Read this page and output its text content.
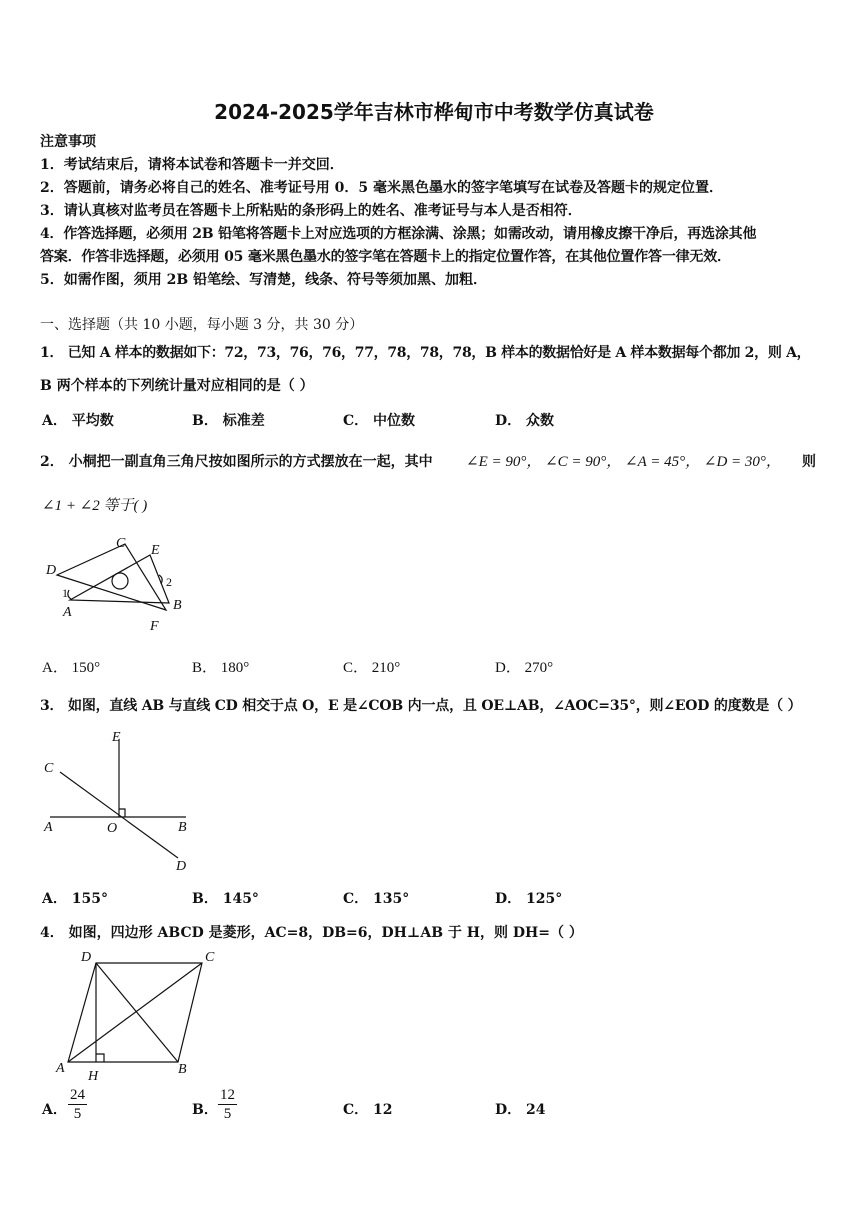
2024-2025学年吉林市桦甸市中考数学仿真试卷
注意事项
1．考试结束后，请将本试卷和答题卡一并交回．
2．答题前，请务必将自己的姓名、准考证号用 0．5 毫米黑色墨水的签字笔填写在试卷及答题卡的规定位置．
3．请认真核对监考员在答题卡上所粘贴的条形码上的姓名、准考证号与本人是否相符．
4．作答选择题，必须用 2B 铅笔将答题卡上对应选项的方框涂满、涂黑；如需改动，请用橡皮擦干净后，再选涂其他
答案．作答非选择题，必须用 05 毫米黑色墨水的签字笔在答题卡上的指定位置作答，在其他位置作答一律无效．
5．如需作图，须用 2B 铅笔绘、写清楚，线条、符号等须加黑、加粗．
一、选择题（共 10 小题，每小题 3 分，共 30 分）
1． 已知 A 样本的数据如下：72，73，76，76，77，78，78，78，B 样本的数据恰好是 A 样本数据每个都加 2，则 A，
B 两个样本的下列统计量对应相同的是（ ）
A． 平均数	B． 标准差	C． 中位数	D． 众数
2． 小桐把一副直角三角尺按如图所示的方式摆放在一起，其中 ∠E = 90°， ∠C = 90°， ∠A = 45°， ∠D = 30°， 则
∠1 + ∠2 等于( )
C E
D
1
2
A	B
F
A． 150°	B． 180°	C． 210°	D． 270°
3． 如图，直线 AB 与直线 CD 相交于点 O，E 是∠COB 内一点，且 OE⊥AB，∠AOC=35°，则∠EOD 的度数是（ ）
E
C
A	O	B
D
A． 155°	B． 145°	C． 135°	D． 125°
4． 如图，四边形 ABCD 是菱形，AC=8，DB=6，DH⊥AB 于 H，则 DH=（ ）
D	C
A
H	B
A． $\frac{24}{5}$	B． $\frac{12}{5}$	C． 12	D． 24
